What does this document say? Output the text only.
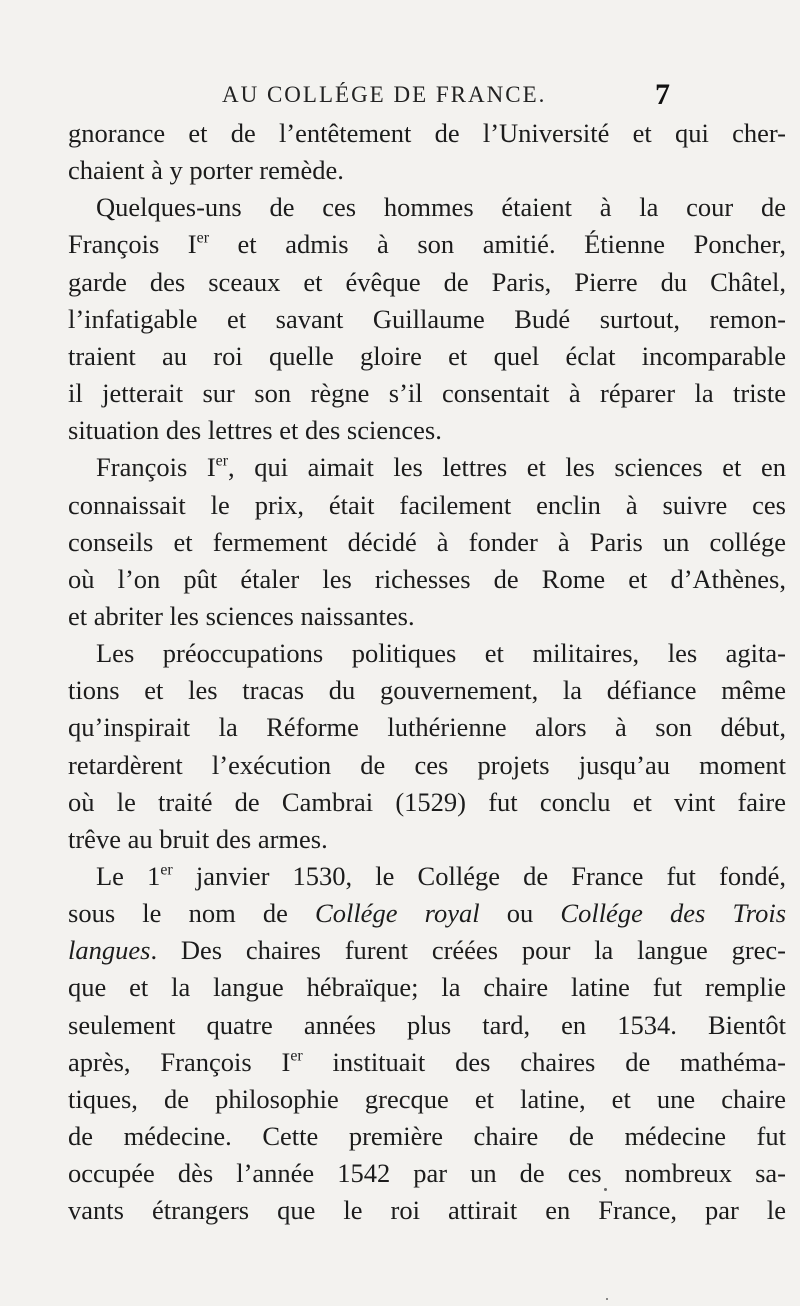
AU COLLÉGE DE FRANCE.	7
gnorance et de l’entêtement de l’Université et qui cher-
chaient à y porter remède.
Quelques-uns de ces hommes étaient à la cour de
François Ier et admis à son amitié. Étienne Poncher,
garde des sceaux et évêque de Paris, Pierre du Châtel,
l’infatigable et savant Guillaume Budé surtout, remon-
traient au roi quelle gloire et quel éclat incomparable
il jetterait sur son règne s’il consentait à réparer la triste
situation des lettres et des sciences.
François Ier, qui aimait les lettres et les sciences et en
connaissait le prix, était facilement enclin à suivre ces
conseils et fermement décidé à fonder à Paris un collége
où l’on pût étaler les richesses de Rome et d’Athènes,
et abriter les sciences naissantes.
Les préoccupations politiques et militaires, les agita-
tions et les tracas du gouvernement, la défiance même
qu’inspirait la Réforme luthérienne alors à son début,
retardèrent l’exécution de ces projets jusqu’au moment
où le traité de Cambrai (1529) fut conclu et vint faire
trêve au bruit des armes.
Le 1er janvier 1530, le Collége de France fut fondé,
sous le nom de Collége royal ou Collége des Trois
langues. Des chaires furent créées pour la langue grec-
que et la langue hébraïque; la chaire latine fut remplie
seulement quatre années plus tard, en 1534. Bientôt
après, François Ier instituait des chaires de mathéma-
tiques, de philosophie grecque et latine, et une chaire
de médecine. Cette première chaire de médecine fut
occupée dès l’année 1542 par un de ces nombreux sa-
vants étrangers que le roi attirait en France, par le
